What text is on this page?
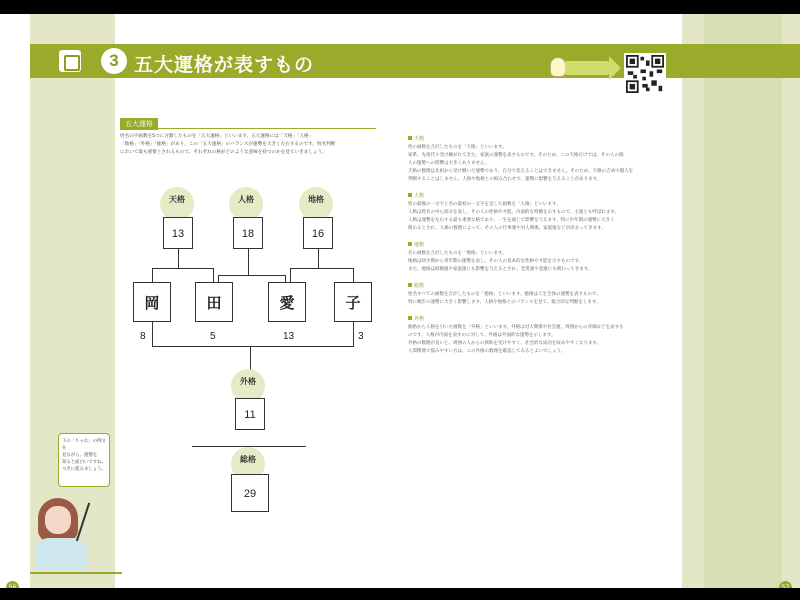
3 五大運格が表すもの
五大運格
姓名の字画数を5つに分類したものを「五大運格」といいます。五大運格には「天格」「人格」
「地格」「外格」「総格」があり、この「五大運格」のバランスが運勢を大きく左右するのです。姓名判断
において最も重要とされるもので、それぞれの格がどのような意味を持つのかを見ていきましょう。
天格	人格	地格
13	18	16
岡	田	愛	子
8	5	13	3
外格
11
総格
29
下の「ちゃお」の例文を
見ながら、運勢を
知ると面白いですね。
つぎに進みましょう。
56	57
天格
姓の画数を合計したものを「天格」といいます。
家系、先祖代々受け継がれてきた、家族の運勢を表すものです。そのため、この天格だけでは、その人の個
人の運勢への影響は大きくありません。
天格の数理は先祖から受け継いだ運勢であり、自分で変えることはできません。そのため、天格の吉凶で個人を
判断することはしません。人格や地格との組み合わせで、運勢に影響を与えることがあります。
人格
姓の最後の一文字と名の最初の一文字を足した画数を「人格」といいます。
人格は姓名の中心部分を表し、その人の性格や才能、内面的な特徴を示すもので、主運とも呼ばれます。
人格は運勢を左右する最も重要な格であり、一生を通じて影響を与えます。特に中年期の運勢に大きく
関わるとされ、人格の数理によって、その人の仕事運や対人関係、家庭運などが決まってきます。
地格
名の画数を合計したものを「地格」といいます。
地格は幼少期から青年期の運勢を表し、その人の基本的な性格や才能を示すものです。
また、地格は結婚運や家庭運にも影響を与えるとされ、恋愛運や金運にも関わってきます。
総格
姓名すべての画数を合計したものを「総格」といいます。総格は人生全体の運勢を表すもので、
特に晩年の運勢に大きく影響します。人格や地格とのバランスを見て、総合的な判断をします。
外格
総格から人格を引いた画数を「外格」といいます。外格は対人関係や社会運、周囲からの評価などを表すも
のです。人格が内面を表すのに対して、外格は外面的な運勢を示します。
外格の数理が良いと、周囲の人からの援助を受けやすく、社会的な成功を収めやすくなります。
人間関係で悩みやすい方は、この外格の数理を確認してみるとよいでしょう。
